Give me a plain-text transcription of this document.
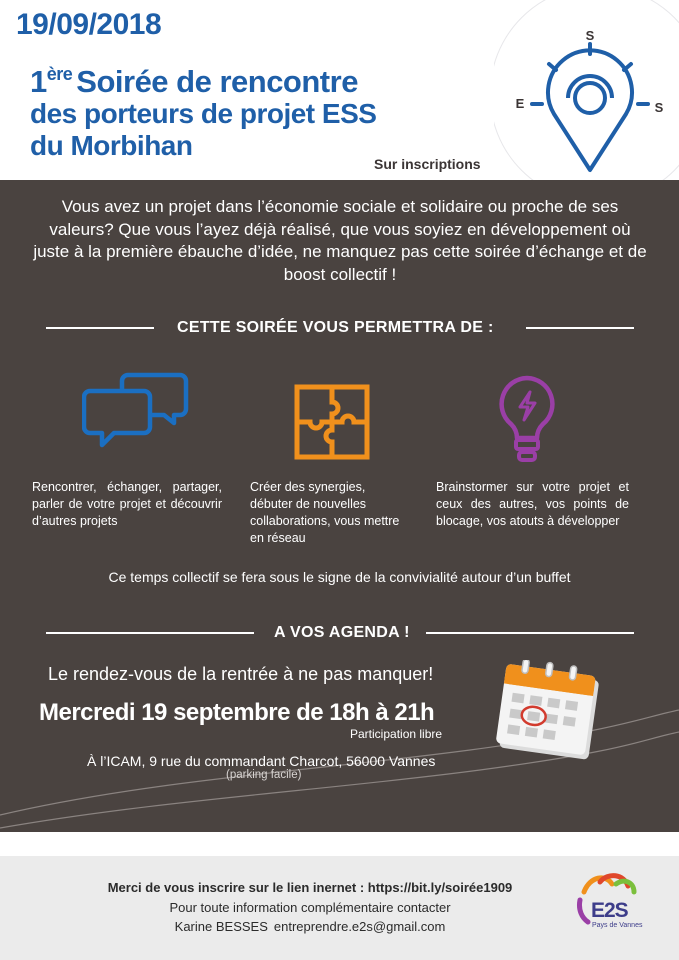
19/09/2018
1ère Soirée de rencontre
des porteurs de projet ESS
du Morbihan
Sur inscriptions
S
E	S
Vous avez un projet dans l’économie sociale et solidaire ou proche de ses valeurs? Que vous l’ayez déjà réalisé, que vous soyiez en développement où juste à la première ébauche d’idée, ne manquez pas cette soirée d’échange et de boost collectif !
CETTE SOIRÉE VOUS PERMETTRA DE :
Rencontrer, échanger, partager, parler de votre projet et découvrir d’autres projets
Créer des synergies, débuter de nouvelles collaborations, vous mettre en réseau
Brainstormer sur votre projet et ceux des autres, vos points de blocage, vos atouts à développer
Ce temps collectif se fera sous le signe de la convivialité autour d’un buffet
A VOS AGENDA !
Le rendez-vous de la rentrée à ne pas manquer!
Mercredi 19 septembre de 18h à 21h
Participation libre
À l’ICAM, 9 rue du commandant Charcot, 56000 Vannes
(parking facile)
Merci de vous inscrire sur le lien inernet : https://bit.ly/soirée1909
Pour toute information complémentaire contacter
Karine BESSES entreprendre.e2s@gmail.com
E2S
Pays de Vannes
